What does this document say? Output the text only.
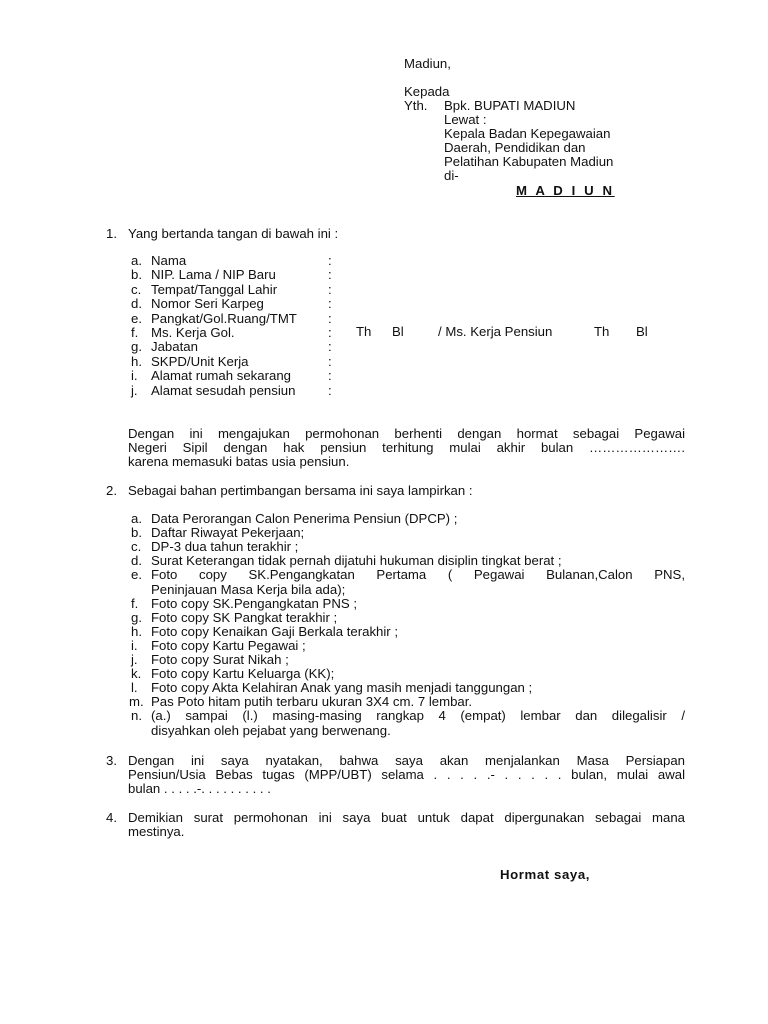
Madiun,
Kepada
Yth. Bpk. BUPATI MADIUN
Lewat :
Kepala Badan Kepegawaian
Daerah, Pendidikan dan
Pelatihan Kabupaten Madiun
di-
M A D I U N
1. Yang bertanda tangan di bawah ini :
a. Nama	:
b. NIP. Lama / NIP Baru	:
c. Tempat/Tanggal Lahir	:
d. Nomor Seri Karpeg	:
e. Pangkat/Gol.Ruang/TMT :
f. Ms. Kerja Gol.	:
g. Jabatan	:
h. SKPD/Unit Kerja	:
i. Alamat rumah sekarang	:
j. Alamat sesudah pensiun :
Th Bl	/ Ms. Kerja Pensiun	Th Bl
Dengan ini mengajukan permohonan berhenti dengan hormat sebagai Pegawai
Negeri Sipil dengan hak pensiun terhitung mulai akhir bulan ………………….
karena memasuki batas usia pensiun.
2. Sebagai bahan pertimbangan bersama ini saya lampirkan :
a. Data Perorangan Calon Penerima Pensiun (DPCP) ;
b. Daftar Riwayat Pekerjaan;
c. DP-3 dua tahun terakhir ;
d. Surat Keterangan tidak pernah dijatuhi hukuman disiplin tingkat berat ;
e. Foto copy SK.Pengangkatan Pertama ( Pegawai Bulanan,Calon PNS,
Peninjauan Masa Kerja bila ada);
f. Foto copy SK.Pengangkatan PNS ;
g. Foto copy SK Pangkat terakhir ;
h. Foto copy Kenaikan Gaji Berkala terakhir ;
i. Foto copy Kartu Pegawai ;
j. Foto copy Surat Nikah ;
k. Foto copy Kartu Keluarga (KK);
l. Foto copy Akta Kelahiran Anak yang masih menjadi tanggungan ;
m. Pas Poto hitam putih terbaru ukuran 3X4 cm. 7 lembar.
n. (a.) sampai (l.) masing-masing rangkap 4 (empat) lembar dan dilegalisir /
disyahkan oleh pejabat yang berwenang.
3. Dengan ini saya nyatakan, bahwa saya akan menjalankan Masa Persiapan
Pensiun/Usia Bebas tugas (MPP/UBT) selama . . . . .- . . . . . bulan, mulai awal
bulan . . . . .-. . . . . . . . . .
4. Demikian surat permohonan ini saya buat untuk dapat dipergunakan sebagai mana
mestinya.
Hormat saya,
